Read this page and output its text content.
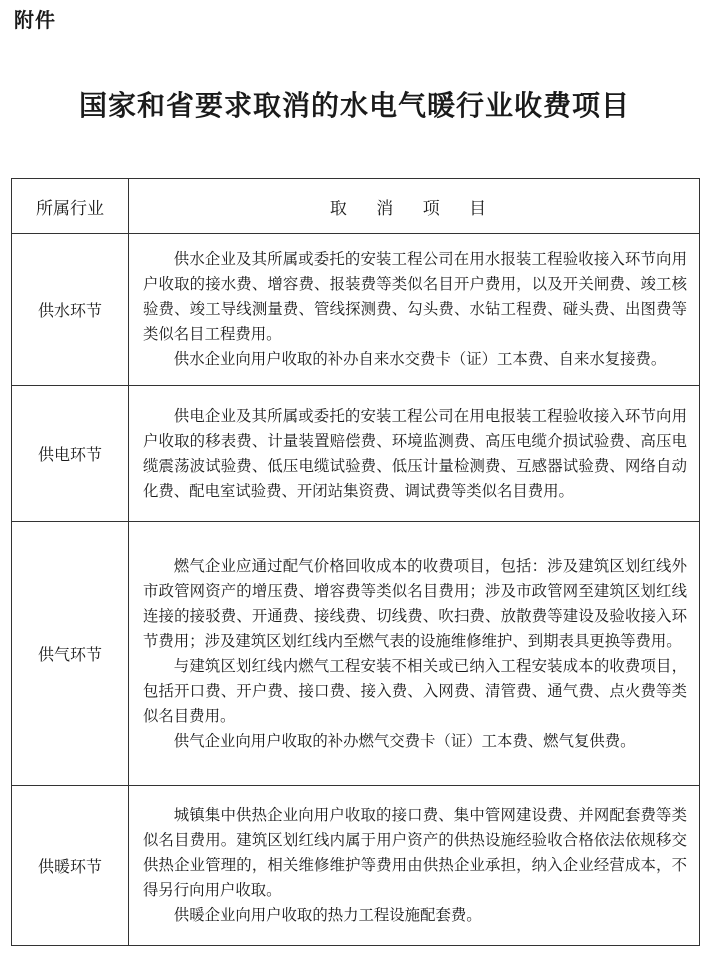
附件
国家和省要求取消的水电气暖行业收费项目
所属行业	取 消 项 目
供水环节	供水企业及其所属或委托的安装工程公司在用水报装工程验收接入环节向用户收取的接水费、增容费、报装费等类似名目开户费用，以及开关闸费、竣工核验费、竣工导线测量费、管线探测费、勾头费、水钻工程费、碰头费、出图费等类似名目工程费用。

供水企业向用户收取的补办自来水交费卡（证）工本费、自来水复接费。

供电环节	供电企业及其所属或委托的安装工程公司在用电报装工程验收接入环节向用户收取的移表费、计量装置赔偿费、环境监测费、高压电缆介损试验费、高压电缆震荡波试验费、低压电缆试验费、低压计量检测费、互感器试验费、网络自动化费、配电室试验费、开闭站集资费、调试费等类似名目费用。

供气环节	燃气企业应通过配气价格回收成本的收费项目，包括：涉及建筑区划红线外市政管网资产的增压费、增容费等类似名目费用；涉及市政管网至建筑区划红线连接的接驳费、开通费、接线费、切线费、吹扫费、放散费等建设及验收接入环节费用；涉及建筑区划红线内至燃气表的设施维修维护、到期表具更换等费用。

与建筑区划红线内燃气工程安装不相关或已纳入工程安装成本的收费项目，包括开口费、开户费、接口费、接入费、入网费、清管费、通气费、点火费等类似名目费用。

供气企业向用户收取的补办燃气交费卡（证）工本费、燃气复供费。

供暖环节	城镇集中供热企业向用户收取的接口费、集中管网建设费、并网配套费等类似名目费用。建筑区划红线内属于用户资产的供热设施经验收合格依法依规移交供热企业管理的，相关维修维护等费用由供热企业承担，纳入企业经营成本，不得另行向用户收取。

供暖企业向用户收取的热力工程设施配套费。
